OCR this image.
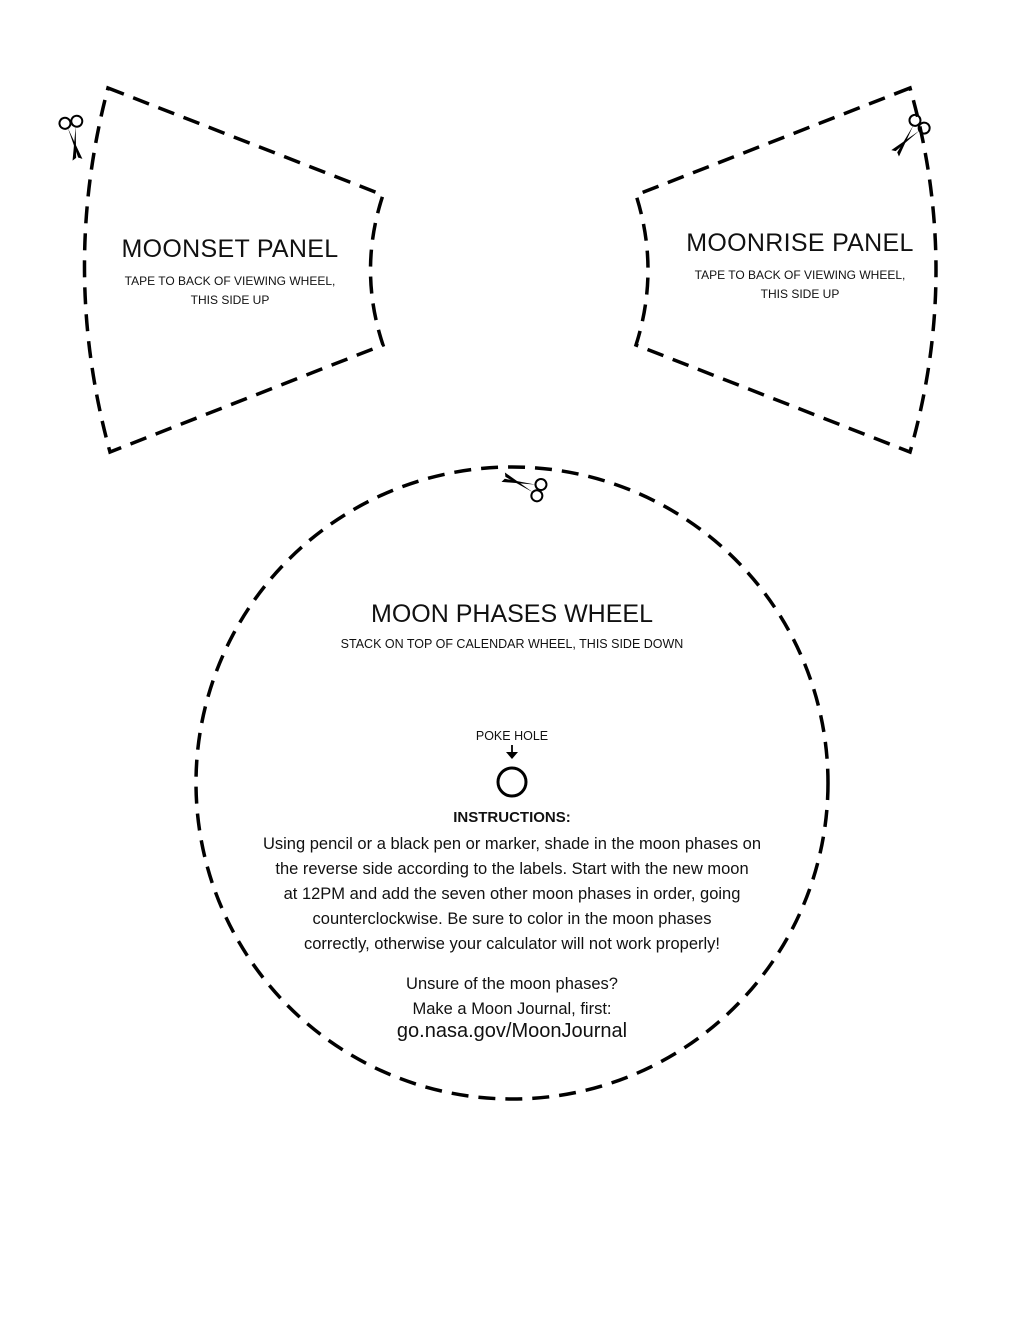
MOONSET PANEL
TAPE TO BACK OF VIEWING WHEEL,
THIS SIDE UP
MOONRISE PANEL
TAPE TO BACK OF VIEWING WHEEL,
THIS SIDE UP
MOON PHASES WHEEL
STACK ON TOP OF CALENDAR WHEEL, THIS SIDE DOWN
POKE HOLE
INSTRUCTIONS:
Using pencil or a black pen or marker, shade in the moon phases on
the reverse side according to the labels. Start with the new moon
at 12PM and add the seven other moon phases in order, going
counterclockwise. Be sure to color in the moon phases
correctly, otherwise your calculator will not work properly!
Unsure of the moon phases?
Make a Moon Journal, first:
go.nasa.gov/MoonJournal
